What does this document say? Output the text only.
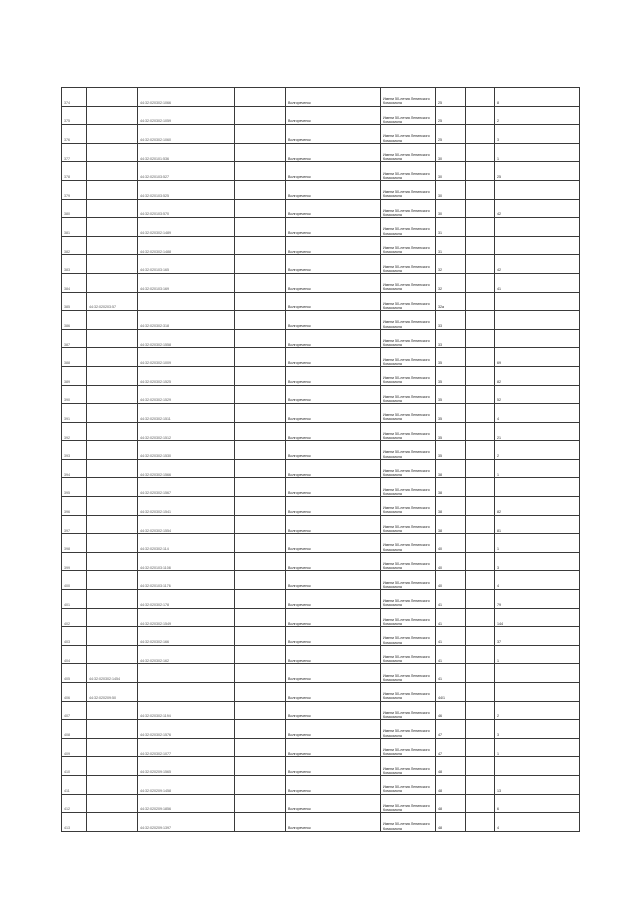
374		44:32:020302:1066		Волгореченск	Имени 50-летия Ленинского Комсомола	25		8
375		44:32:020302:1059		Волгореченск	Имени 50-летия Ленинского Комсомола	25		2
376		44:32:020302:1060		Волгореченск	Имени 50-летия Ленинского Комсомола	25		3
377		44:32:020101:536		Волгореченск	Имени 50-летия Ленинского Комсомола	30		1
378		44:32:020103:527		Волгореченск	Имени 50-летия Ленинского Комсомола	30		25
379		44:32:020103:525		Волгореченск	Имени 50-летия Ленинского Комсомола	30		
380		44:32:020103:570		Волгореченск	Имени 50-летия Ленинского Комсомола	30		42
381		44:32:020302:1489		Волгореченск	Имени 50-летия Ленинского Комсомола	31		
382		44:32:020302:1488		Волгореченск	Имени 50-летия Ленинского Комсомола	31		
383		44:32:020103:165		Волгореченск	Имени 50-летия Ленинского Комсомола	32		42
384		44:32:020103:169		Волгореченск	Имени 50-летия Ленинского Комсомола	32		41
385	44:32:020203:57			Волгореченск	Имени 50-летия Ленинского Комсомола	32а		
386		44:32:020302:318		Волгореченск	Имени 50-летия Ленинского Комсомола	33		
387		44:32:020302:1558		Волгореченск	Имени 50-летия Ленинского Комсомола	33		
388		44:32:020302:1009		Волгореченск	Имени 50-летия Ленинского Комсомола	35		69
389		44:32:020302:1525		Волгореченск	Имени 50-летия Ленинского Комсомола	35		82
390		44:32:020302:1529		Волгореченск	Имени 50-летия Ленинского Комсомола	35		52
391		44:32:020302:1511		Волгореченск	Имени 50-летия Ленинского Комсомола	35		4
392		44:32:020302:1512		Волгореченск	Имени 50-летия Ленинского Комсомола	35		21
393		44:32:020302:1530		Волгореченск	Имени 50-летия Ленинского Комсомола	35		2
394		44:32:020302:1566		Волгореченск	Имени 50-летия Ленинского Комсомола	38		1
395		44:32:020302:1567		Волгореченск	Имени 50-летия Ленинского Комсомола	38		
396		44:32:020302:1541		Волгореченск	Имени 50-летия Ленинского Комсомола	38		82
397		44:32:020302:1554		Волгореченск	Имени 50-летия Ленинского Комсомола	38		81
398		44:32:020302:114		Волгореченск	Имени 50-летия Ленинского Комсомола	40		1
399		44:32:020103:1108		Волгореченск	Имени 50-летия Ленинского Комсомола	40		3
400		44:32:020103:1176		Волгореченск	Имени 50-летия Ленинского Комсомола	40		4
401		44:32:020302:178		Волгореченск	Имени 50-летия Ленинского Комсомола	41		79
402		44:32:020302:1549		Волгореченск	Имени 50-летия Ленинского Комсомола	41		144
403		44:32:020302:166		Волгореченск	Имени 50-летия Ленинского Комсомола	41		37
404		44:32:020302:162		Волгореченск	Имени 50-летия Ленинского Комсомола	41		1
405	44:32:020302:1454			Волгореченск	Имени 50-летия Ленинского Комсомола	41		
406	44:32:020209:50			Волгореченск	Имени 50-летия Ленинского Комсомола	44/1		
407		44:32:020302:1194		Волгореченск	Имени 50-летия Ленинского Комсомола	46		2
408		44:32:020302:1576		Волгореченск	Имени 50-летия Ленинского Комсомола	47		3
409		44:32:020302:1077		Волгореченск	Имени 50-летия Ленинского Комсомола	47		1
410		44:32:020209:1565		Волгореченск	Имени 50-летия Ленинского Комсомола	48		
411		44:32:020209:1458		Волгореченск	Имени 50-летия Ленинского Комсомола	48		13
412		44:32:020209:1856		Волгореченск	Имени 50-летия Ленинского Комсомола	48		6
413		44:32:020209:1397		Волгореченск	Имени 50-летия Ленинского Комсомола	48		4
